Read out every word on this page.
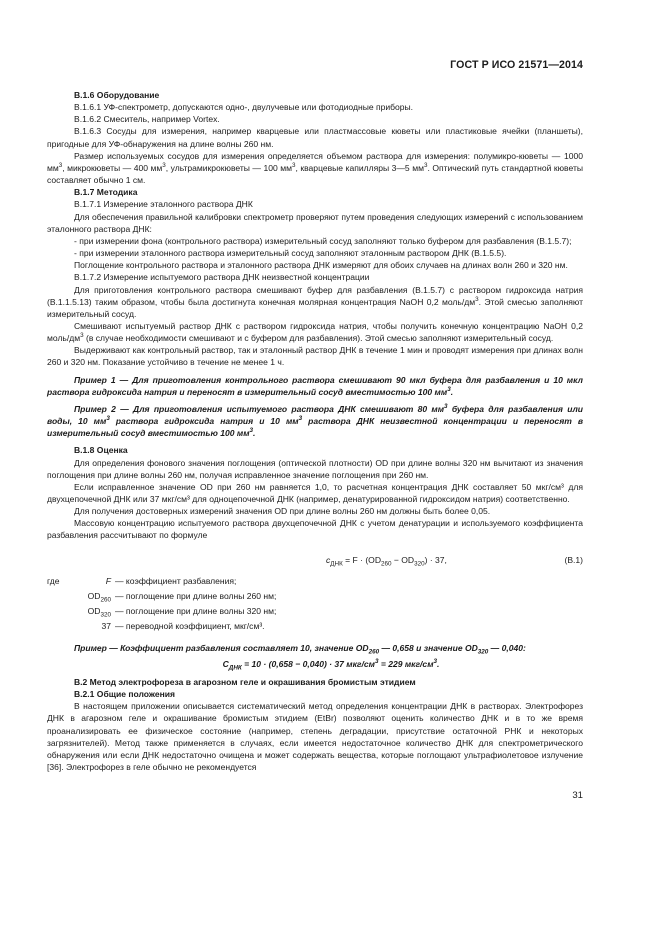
ГОСТ Р ИСО 21571—2014

B.1.6 Оборудование

B.1.6.1 УФ-спектрометр, допускаются одно-, двулучевые или фотодиодные приборы.

B.1.6.2 Смеситель, например Vortex.

B.1.6.3 Сосуды для измерения, например кварцевые или пластмассовые кюветы или пластиковые ячейки (планшеты), пригодные для УФ-обнаружения на длине волны 260 нм.

Размер используемых сосудов для измерения определяется объемом раствора для измерения: полумикро-кюветы — 1000 $мм^3$, микрокюветы — 400 $мм^3$, ультрамикрокюветы — 100 $мм^3$, кварцевые капилляры 3—5 $мм^3$. Оптический путь стандартной кюветы составляет обычно 1 см.

B.1.7 Методика

B.1.7.1 Измерение эталонного раствора ДНК

Для обеспечения правильной калибровки спектрометр проверяют путем проведения следующих измерений с использованием эталонного раствора ДНК:

- при измерении фона (контрольного раствора) измерительный сосуд заполняют только буфером для разбавления (B.1.5.7);

- при измерении эталонного раствора измерительный сосуд заполняют эталонным раствором ДНК (B.1.5.5).

Поглощение контрольного раствора и эталонного раствора ДНК измеряют для обоих случаев на длинах волн 260 и 320 нм.

B.1.7.2 Измерение испытуемого раствора ДНК неизвестной концентрации

Для приготовления контрольного раствора смешивают буфер для разбавления (B.1.5.7) с раствором гидроксида натрия (B.1.1.5.13) таким образом, чтобы была достигнута конечная молярная концентрация NaOH 0,2 моль/$дм^3$. Этой смесью заполняют измерительный сосуд.

Смешивают испытуемый раствор ДНК с раствором гидроксида натрия, чтобы получить конечную концентрацию NaOH 0,2 моль/$дм^3$ (в случае необходимости смешивают и с буфером для разбавления). Этой смесью заполняют измерительный сосуд.

Выдерживают как контрольный раствор, так и эталонный раствор ДНК в течение 1 мин и проводят измерения при длинах волн 260 и 320 нм. Показание устойчиво в течение не менее 1 ч.

Пример 1 — Для приготовления контрольного раствора смешивают 90 мкл буфера для разбавления и 10 мкл раствора гидроксида натрия и переносят в измерительный сосуд вместимостью 100 $мм^3$.

Пример 2 — Для приготовления испытуемого раствора ДНК смешивают 80 $мм^3$ буфера для разбавления или воды, 10 $мм^3$ раствора гидроксида натрия и 10 $мм^3$ раствора ДНК неизвестной концентрации и переносят в измерительный сосуд вместимостью 100 $мм^3$.

B.1.8 Оценка

Для определения фонового значения поглощения (оптической плотности) OD при длине волны 320 нм вычитают из значения поглощения при длине волны 260 нм, получая исправленное значение поглощения при 260 нм.

Если исправленное значение OD при 260 нм равняется 1,0, то расчетная концентрация ДНК составляет 50 мкг/см³ для двухцепочечной ДНК или 37 мкг/см³ для одноцепочечной ДНК (например, денатурированной гидроксидом натрия) соответственно.

Для получения достоверных измерений значения OD при длине волны 260 нм должны быть более 0,05.

Массовую концентрацию испытуемого раствора двухцепочечной ДНК с учетом денатурации и используемого коэффициента разбавления рассчитывают по формуле

$c_{ДНК} = F \cdot (OD_{260} - OD_{320}) \cdot 37$,	(B.1)
где	F — коэффициент разбавления;
$OD_{260}$ — поглощение при длине волны 260 нм;
$OD_{320}$ — поглощение при длине волны 320 нм;
37 — переводной коэффициент, мкг/см³.

Пример — Коэффициент разбавления составляет 10, значение $OD_{260}$ — 0,658 и значение $OD_{320}$ — 0,040:

$C_{ДНК} = 10 \cdot (0,658 - 0,040) \cdot 37$ мкг/$см^3 = 229$ мкг/$см^3$.

B.2 Метод электрофореза в агарозном геле и окрашивания бромистым этидием

B.2.1 Общие положения

В настоящем приложении описывается систематический метод определения концентрации ДНК в растворах. Электрофорез ДНК в агарозном геле и окрашивание бромистым этидием (EtBr) позволяют оценить количество ДНК и в то же время проанализировать ее физическое состояние (например, степень деградации, присутствие остаточной РНК и некоторых загрязнителей). Метод также применяется в случаях, если имеется недостаточное количество ДНК для спектрометрического обнаружения или если ДНК недостаточно очищена и может содержать вещества, которые поглощают ультрафиолетовое излучение [36]. Электрофорез в геле обычно не рекомендуется

31
